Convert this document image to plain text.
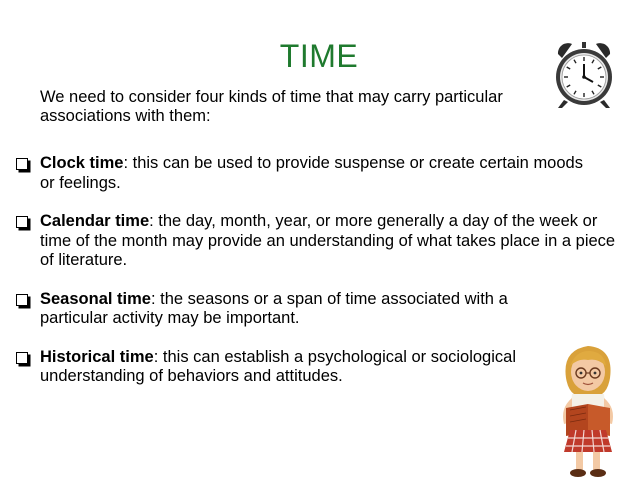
TIME
We need to consider four kinds of time that may carry particular associations with them:
Clock time: this can be used to provide suspense or create certain moods or feelings.
Calendar time: the day, month, year, or more generally a day of the week or time of the month may provide an understanding of what takes place in a piece of literature.
Seasonal time: the seasons or a span of time associated with a particular activity may be important.
Historical time: this can establish a psychological or sociological understanding of behaviors and attitudes.
